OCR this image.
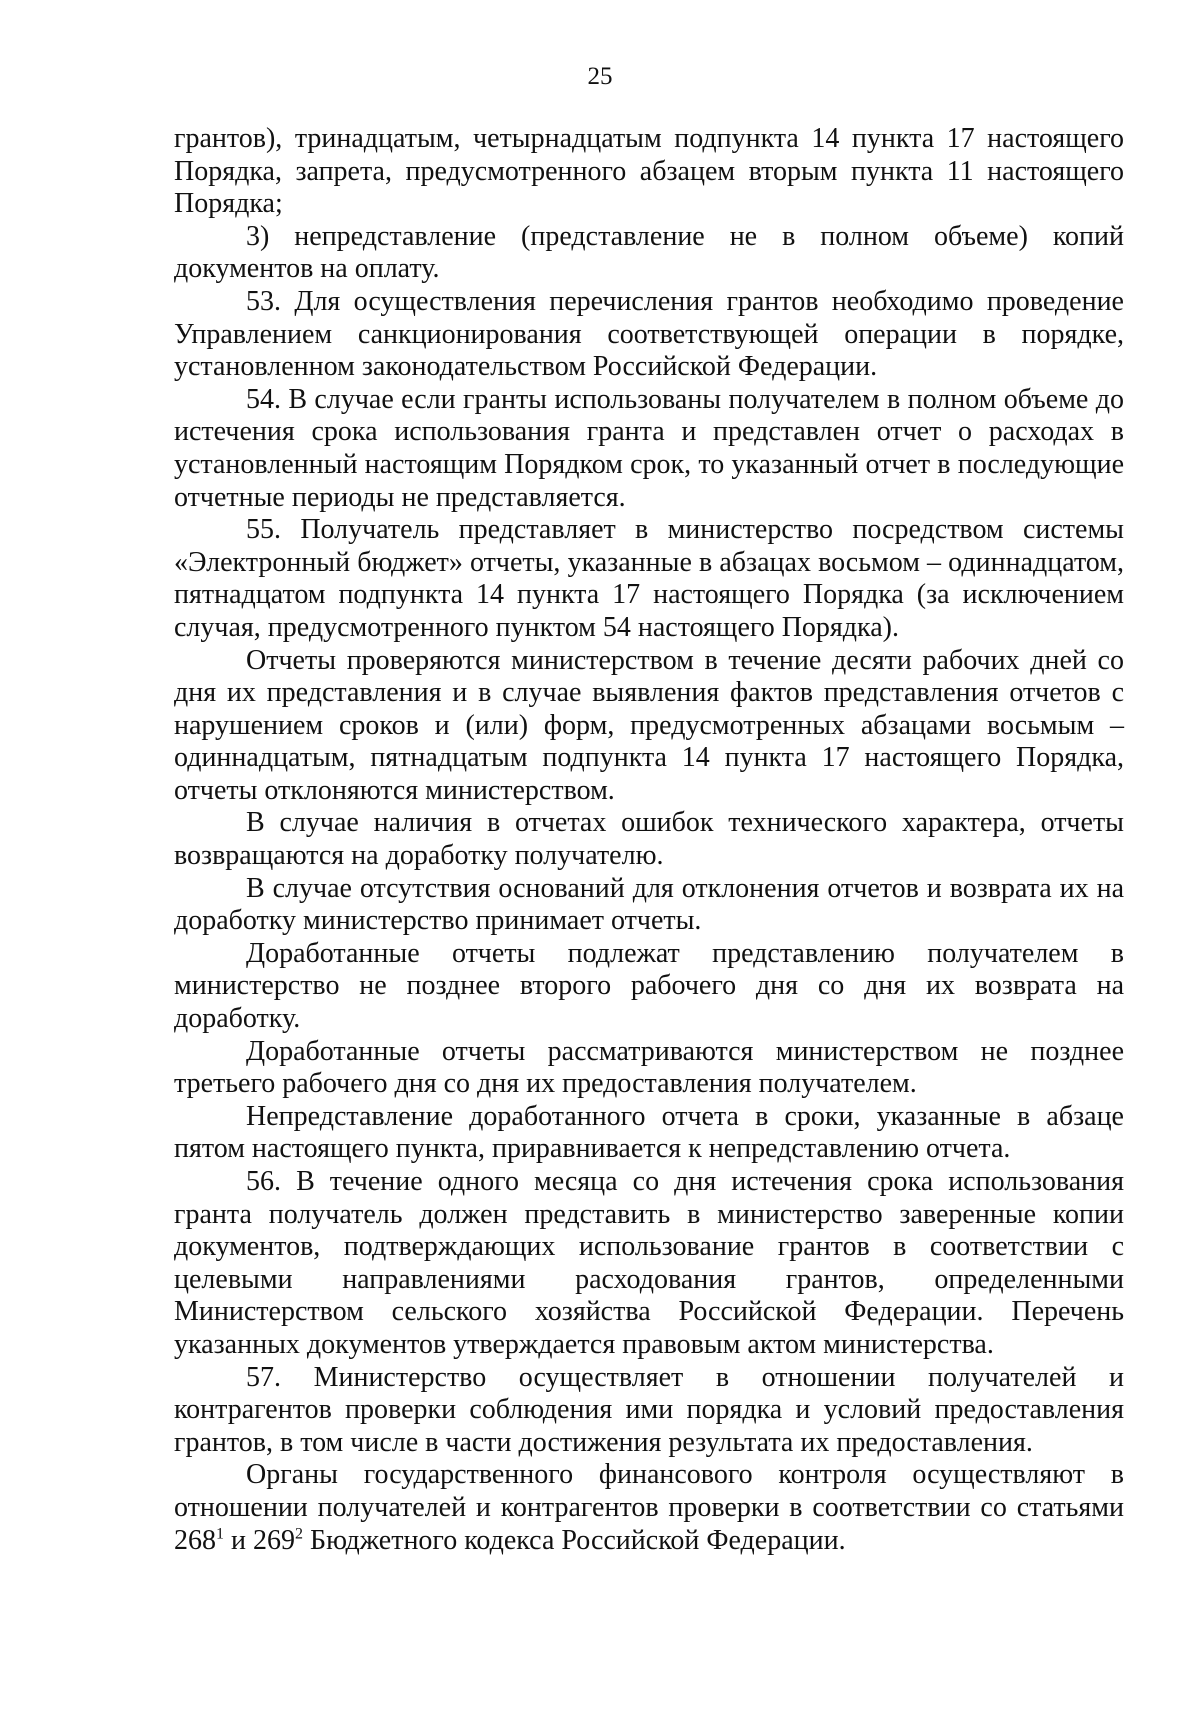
25

грантов), тринадцатым, четырнадцатым подпункта 14 пункта 17 настоящего Порядка, запрета, предусмотренного абзацем вторым пункта 11 настоящего Порядка;

3) непредставление (представление не в полном объеме) копий документов на оплату.

53. Для осуществления перечисления грантов необходимо проведение Управлением санкционирования соответствующей операции в порядке, установленном законодательством Российской Федерации.

54. В случае если гранты использованы получателем в полном объеме до истечения срока использования гранта и представлен отчет о расходах в установленный настоящим Порядком срок, то указанный отчет в последующие отчетные периоды не представляется.

55. Получатель представляет в министерство посредством системы «Электронный бюджет» отчеты, указанные в абзацах восьмом – одиннадцатом, пятнадцатом подпункта 14 пункта 17 настоящего Порядка (за исключением случая, предусмотренного пунктом 54 настоящего Порядка).

Отчеты проверяются министерством в течение десяти рабочих дней со дня их представления и в случае выявления фактов представления отчетов с нарушением сроков и (или) форм, предусмотренных абзацами восьмым – одиннадцатым, пятнадцатым подпункта 14 пункта 17 настоящего Порядка, отчеты отклоняются министерством.

В случае наличия в отчетах ошибок технического характера, отчеты возвращаются на доработку получателю.

В случае отсутствия оснований для отклонения отчетов и возврата их на доработку министерство принимает отчеты.

Доработанные отчеты подлежат представлению получателем в министерство не позднее второго рабочего дня со дня их возврата на доработку.

Доработанные отчеты рассматриваются министерством не позднее третьего рабочего дня со дня их предоставления получателем.

Непредставление доработанного отчета в сроки, указанные в абзаце пятом настоящего пункта, приравнивается к непредставлению отчета.

56. В течение одного месяца со дня истечения срока использования гранта получатель должен представить в министерство заверенные копии документов, подтверждающих использование грантов в соответствии с целевыми направлениями расходования грантов, определенными Министерством сельского хозяйства Российской Федерации. Перечень указанных документов утверждается правовым актом министерства.

57. Министерство осуществляет в отношении получателей и контрагентов проверки соблюдения ими порядка и условий предоставления грантов, в том числе в части достижения результата их предоставления.

Органы государственного финансового контроля осуществляют в отношении получателей и контрагентов проверки в соответствии со статьями $268^1$ и $269^2$ Бюджетного кодекса Российской Федерации.
